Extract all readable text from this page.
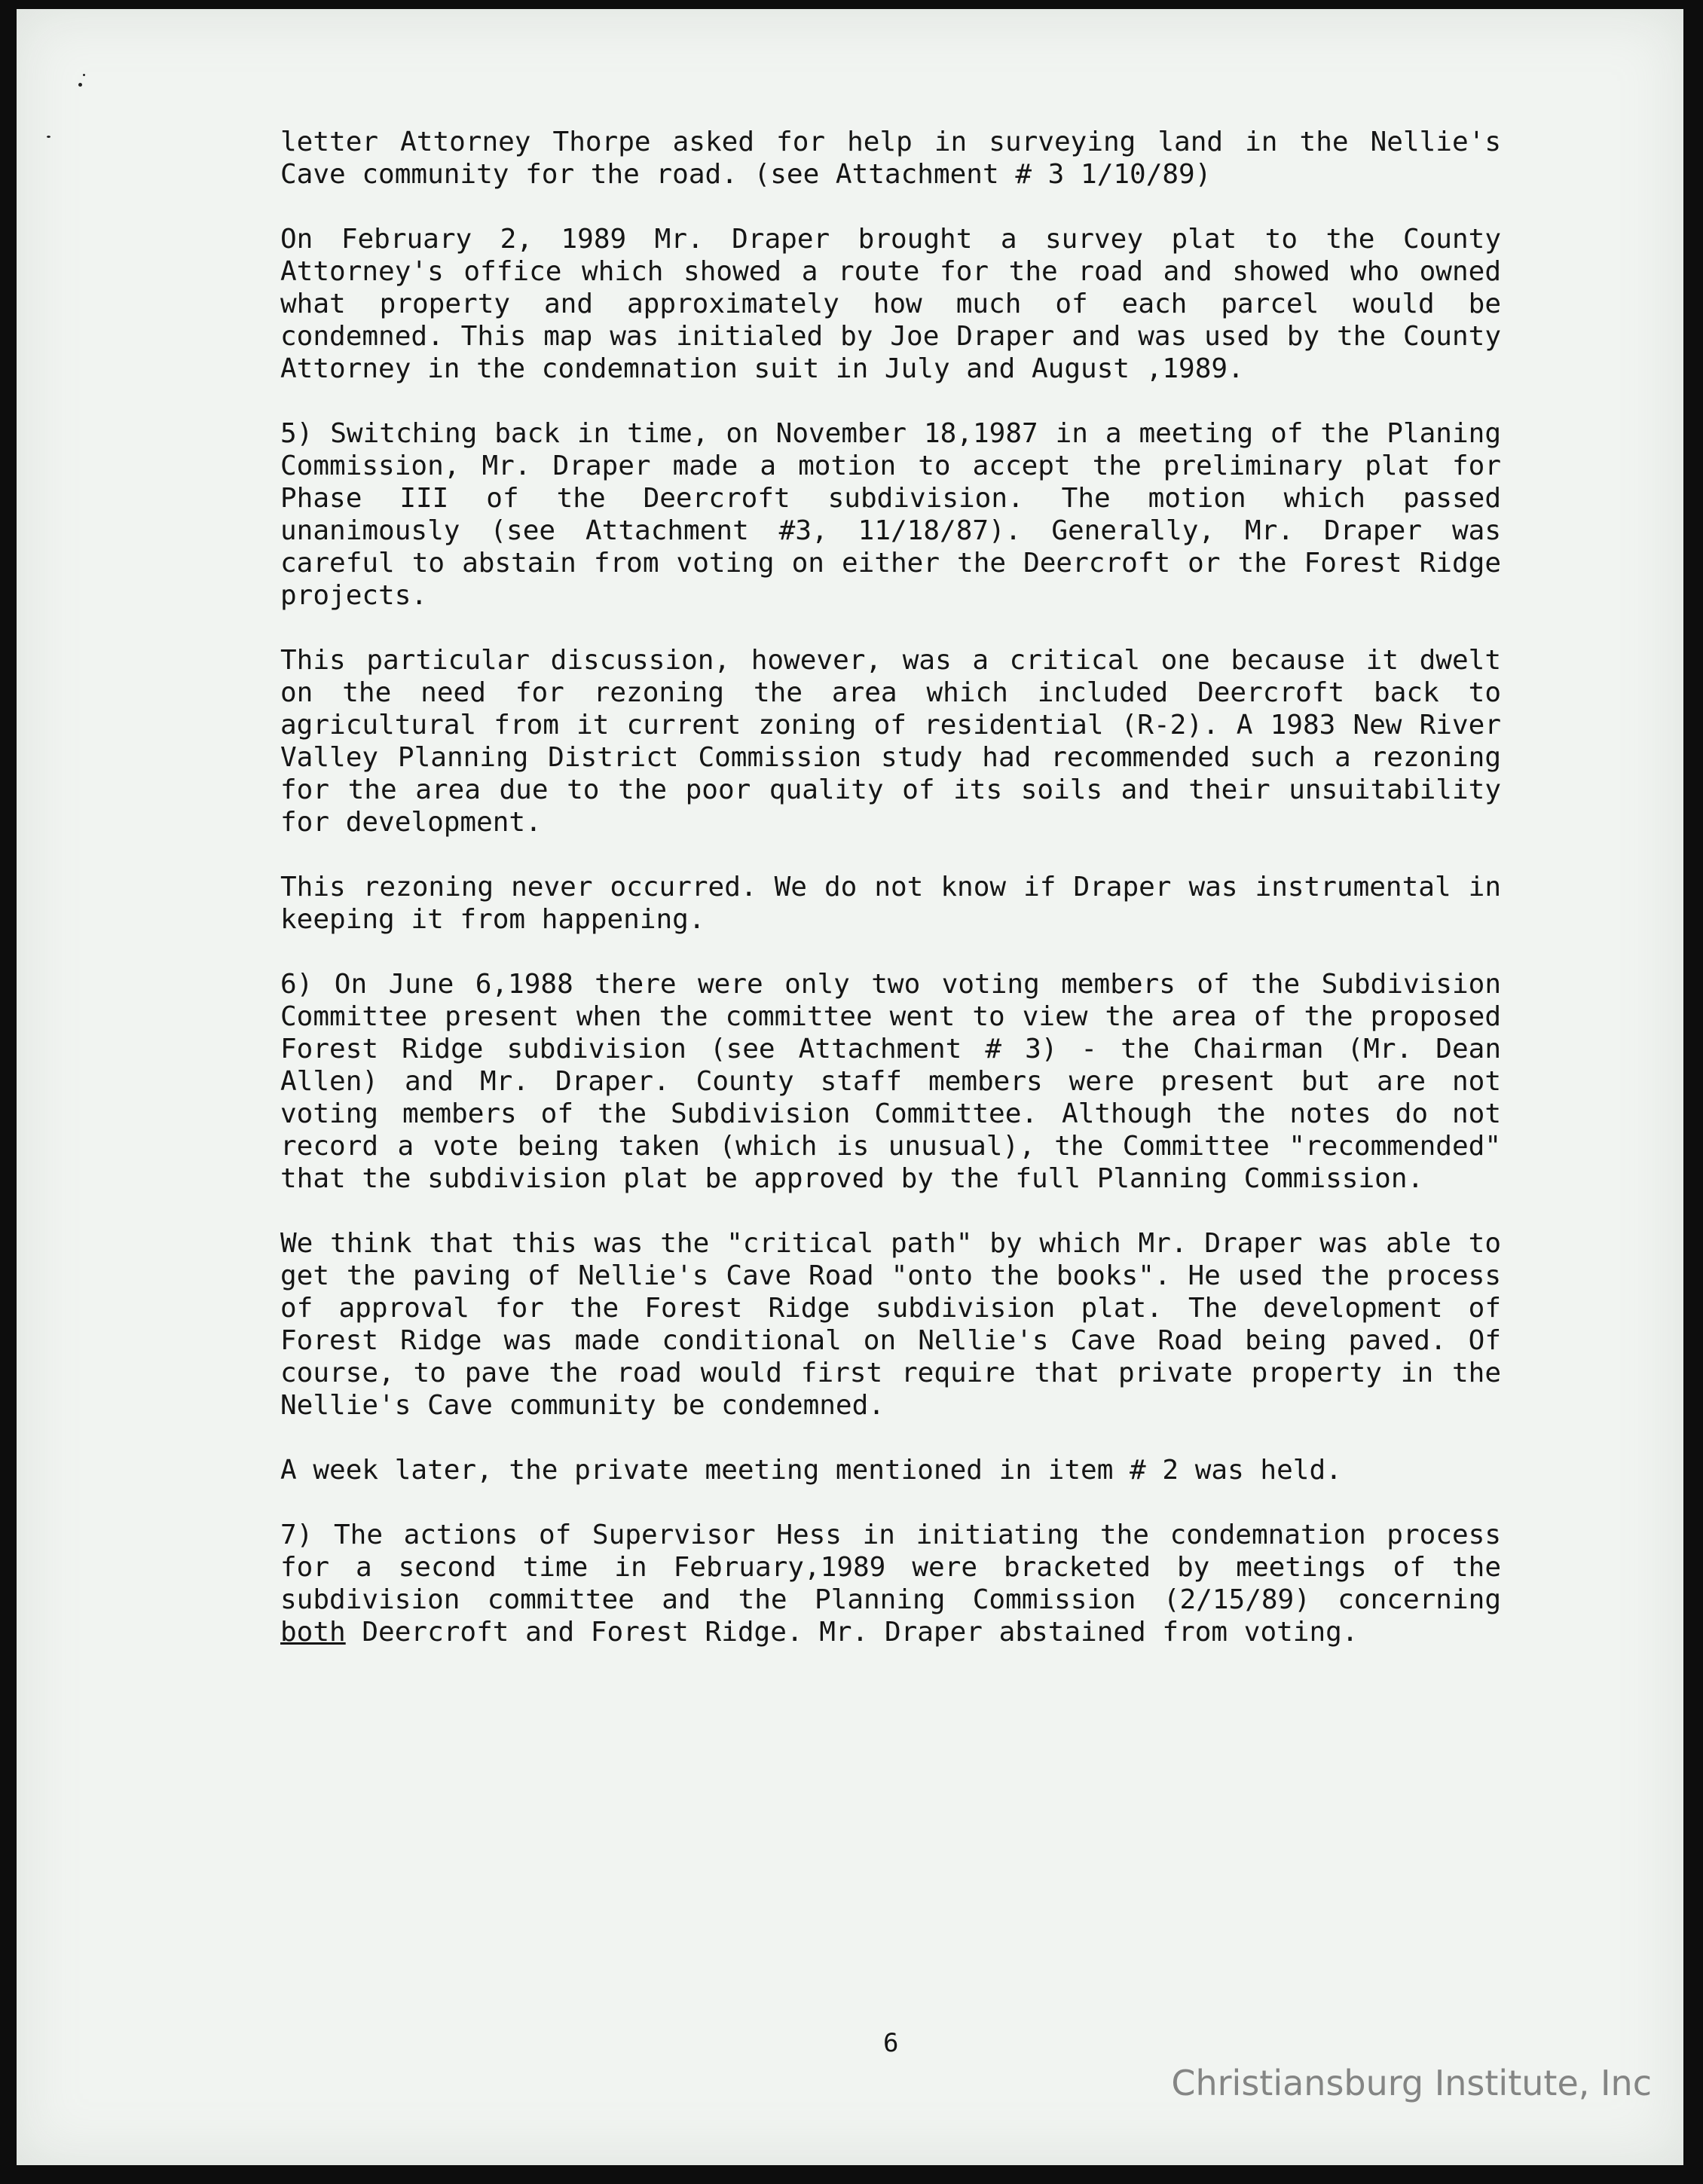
letter Attorney Thorpe asked for help in surveying land in the Nellie's Cave community for the road. (see Attachment # 3 1/10/89)

On February 2, 1989 Mr. Draper brought a survey plat to the County Attorney's office which showed a route for the road and showed who owned what property and approximately how much of each parcel would be condemned. This map was initialed by Joe Draper and was used by the County Attorney in the condemnation suit in July and August ,1989.

5) Switching back in time, on November 18,1987 in a meeting of the Planing Commission, Mr. Draper made a motion to accept the preliminary plat for Phase III of the Deercroft subdivision. The motion which passed unanimously (see Attachment #3, 11/18/87). Generally, Mr. Draper was careful to abstain from voting on either the Deercroft or the Forest Ridge projects.

This particular discussion, however, was a critical one because it dwelt on the need for rezoning the area which included Deercroft back to agricultural from it current zoning of residential (R-2). A 1983 New River Valley Planning District Commission study had recommended such a rezoning for the area due to the poor quality of its soils and their unsuitability for development.

This rezoning never occurred. We do not know if Draper was instrumental in keeping it from happening.

6) On June 6,1988 there were only two voting members of the Subdivision Committee present when the committee went to view the area of the proposed Forest Ridge subdivision (see Attachment # 3) - the Chairman (Mr. Dean Allen) and Mr. Draper. County staff members were present but are not voting members of the Subdivision Committee. Although the notes do not record a vote being taken (which is unusual), the Committee "recommended" that the subdivision plat be approved by the full Planning Commission.

We think that this was the "critical path" by which Mr. Draper was able to get the paving of Nellie's Cave Road "onto the books". He used the process of approval for the Forest Ridge subdivision plat. The development of Forest Ridge was made conditional on Nellie's Cave Road being paved. Of course, to pave the road would first require that private property in the Nellie's Cave community be condemned.

A week later, the private meeting mentioned in item # 2 was held.

7) The actions of Supervisor Hess in initiating the condemnation process for a second time in February,1989 were bracketed by meetings of the subdivision committee and the Planning Commission (2/15/89) concerning both Deercroft and Forest Ridge. Mr. Draper abstained from voting.

6
Christiansburg Institute, Inc
